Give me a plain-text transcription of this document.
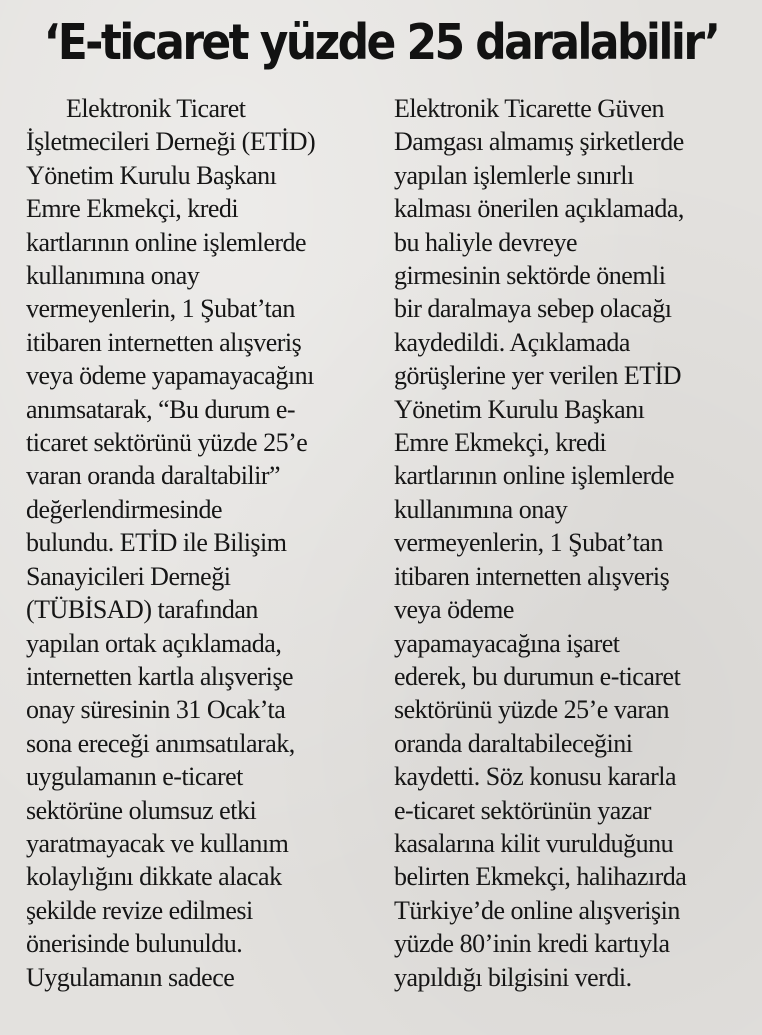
‘E-ticaret yüzde 25 daralabilir’
Elektronik Ticaret
İşletmecileri Derneği (ETİD)
Yönetim Kurulu Başkanı
Emre Ekmekçi, kredi
kartlarının online işlemlerde
kullanımına onay
vermeyenlerin, 1 Şubat’tan
itibaren internetten alışveriş
veya ödeme yapamayacağını
anımsatarak, “Bu durum e-
ticaret sektörünü yüzde 25’e
varan oranda daraltabilir”
değerlendirmesinde
bulundu. ETİD ile Bilişim
Sanayicileri Derneği
(TÜBİSAD) tarafından
yapılan ortak açıklamada,
internetten kartla alışverişe
onay süresinin 31 Ocak’ta
sona ereceği anımsatılarak,
uygulamanın e-ticaret
sektörüne olumsuz etki
yaratmayacak ve kullanım
kolaylığını dikkate alacak
şekilde revize edilmesi
önerisinde bulunuldu.
Uygulamanın sadece
Elektronik Ticarette Güven
Damgası almamış şirketlerde
yapılan işlemlerle sınırlı
kalması önerilen açıklamada,
bu haliyle devreye
girmesinin sektörde önemli
bir daralmaya sebep olacağı
kaydedildi. Açıklamada
görüşlerine yer verilen ETİD
Yönetim Kurulu Başkanı
Emre Ekmekçi, kredi
kartlarının online işlemlerde
kullanımına onay
vermeyenlerin, 1 Şubat’tan
itibaren internetten alışveriş
veya ödeme
yapamayacağına işaret
ederek, bu durumun e-ticaret
sektörünü yüzde 25’e varan
oranda daraltabileceğini
kaydetti. Söz konusu kararla
e-ticaret sektörünün yazar
kasalarına kilit vurulduğunu
belirten Ekmekçi, halihazırda
Türkiye’de online alışverişin
yüzde 80’inin kredi kartıyla
yapıldığı bilgisini verdi.
